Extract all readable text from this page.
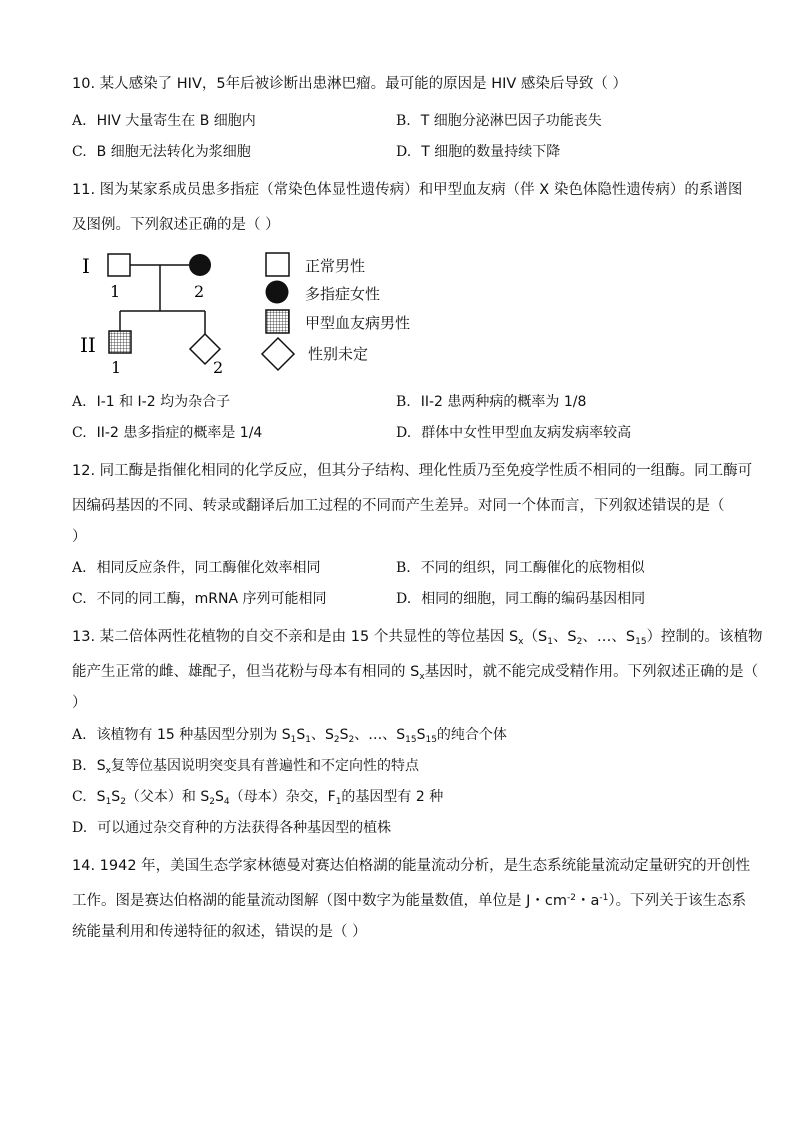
10. 某人感染了 HIV，5年后被诊断出患淋巴瘤。最可能的原因是 HIV 感染后导致（ ）
A. HIV 大量寄生在 B 细胞内	B. T 细胞分泌淋巴因子功能丧失
C. B 细胞无法转化为浆细胞	D. T 细胞的数量持续下降
11. 图为某家系成员患多指症（常染色体显性遗传病）和甲型血友病（伴 X 染色体隐性遗传病）的系谱图
及图例。下列叙述正确的是（ ）
I
II
1	2
1	2
正常男性
多指症女性
甲型血友病男性
性别未定
A. I-1 和 I-2 均为杂合子	B. II-2 患两种病的概率为 1/8
C. II-2 患多指症的概率是 1/4	D. 群体中女性甲型血友病发病率较高
12. 同工酶是指催化相同的化学反应，但其分子结构、理化性质乃至免疫学性质不相同的一组酶。同工酶可
因编码基因的不同、转录或翻译后加工过程的不同而产生差异。对同一个体而言，下列叙述错误的是（
）
A. 相同反应条件，同工酶催化效率相同	B. 不同的组织，同工酶催化的底物相似
C. 不同的同工酶，mRNA 序列可能相同	D. 相同的细胞，同工酶的编码基因相同
13. 某二倍体两性花植物的自交不亲和是由 15 个共显性的等位基因 $S_x(S_1$、$S_2$、…、$S_{15}$）控制的。该植物
能产生正常的雌、雄配子，但当花粉与母本有相同的 $S_x$基因时，就不能完成受精作用。下列叙述正确的是（
）
A. 该植物有 15 种基因型分别为 $S_1S_1$、$S_2S_2$、…、$S_{15}S_{15}$的纯合个体
B. $S_x$复等位基因说明突变具有普遍性和不定向性的特点
C. $S_1S_2$（父本）和 $S_2S_4$（母本）杂交，$F_1$的基因型有 2 种
D. 可以通过杂交育种的方法获得各种基因型的植株
14. 1942 年，美国生态学家林德曼对赛达伯格湖的能量流动分析，是生态系统能量流动定量研究的开创性
工作。图是赛达伯格湖的能量流动图解（图中数字为能量数值，单位是 J・$cm^{-2}$・$a^{-1}$）。下列关于该生态系
统能量利用和传递特征的叙述，错误的是（ ）
